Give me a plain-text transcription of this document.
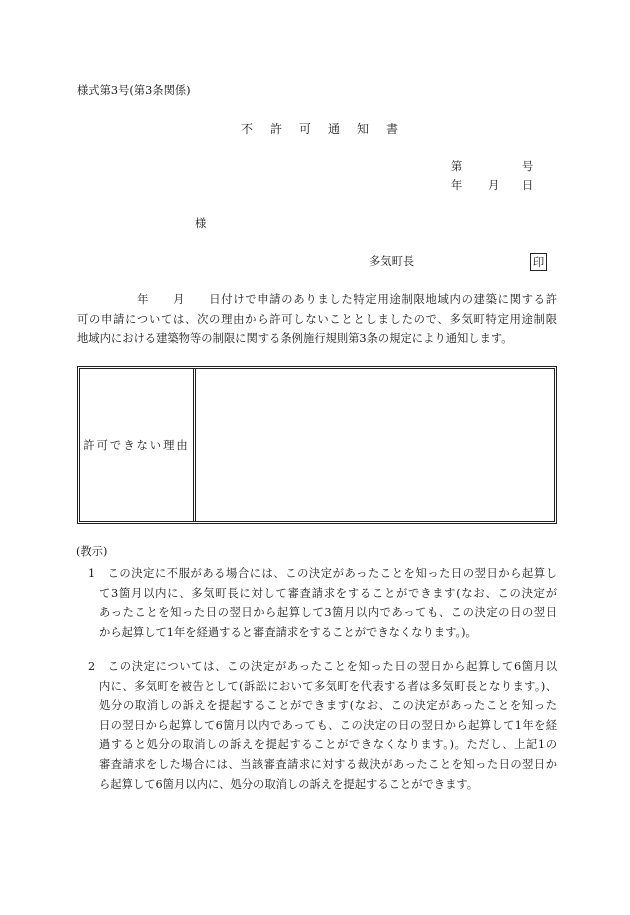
様式第3号(第3条関係)
不許可通知書
第	号
年 月 日
様
多気町長	印
　　　　　年　　月　　日付けで申請のありました特定用途制限地域内の建築に関する許
可の申請については、次の理由から許可しないこととしましたので、多気町特定用途制限
地域内における建築物等の制限に関する条例施行規則第3条の規定により通知します。
許可できない理由
(教示)
1　この決定に不服がある場合には、この決定があったことを知った日の翌日から起算し
て3箇月以内に、多気町長に対して審査請求をすることができます(なお、この決定が
あったことを知った日の翌日から起算して3箇月以内であっても、この決定の日の翌日
から起算して1年を経過すると審査請求をすることができなくなります。)。
2　この決定については、この決定があったことを知った日の翌日から起算して6箇月以
内に、多気町を被告として(訴訟において多気町を代表する者は多気町長となります。)、
処分の取消しの訴えを提起することができます(なお、この決定があったことを知った
日の翌日から起算して6箇月以内であっても、この決定の日の翌日から起算して1年を経
過すると処分の取消しの訴えを提起することができなくなります。)。ただし、上記1の
審査請求をした場合には、当該審査請求に対する裁決があったことを知った日の翌日か
ら起算して6箇月以内に、処分の取消しの訴えを提起することができます。
